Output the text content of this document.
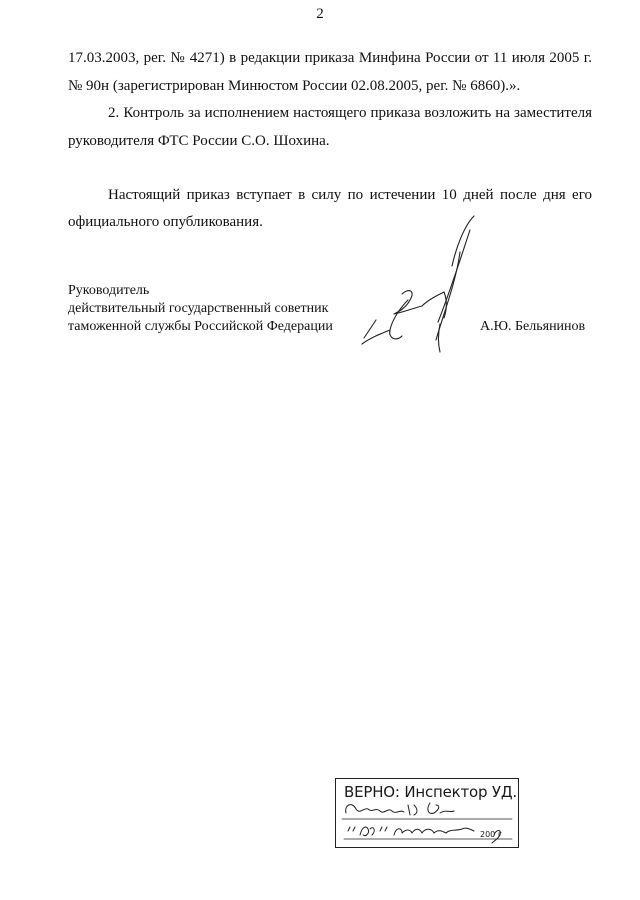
2
17.03.2003, рег. № 4271) в редакции приказа Минфина России от 11 июля 2005 г.
№ 90н (зарегистрирован Минюстом России 02.08.2005, рег. № 6860).».
2. Контроль за исполнением настоящего приказа возложить на заместителя
руководителя ФТС России С.О. Шохина.
Настоящий приказ вступает в силу по истечении 10 дней после дня его
официального опубликования.
Руководитель
действительный государственный советник
таможенной службы Российской Федерации	А.Ю. Бельянинов
ВЕРНО: Инспектор УД.
200 г
